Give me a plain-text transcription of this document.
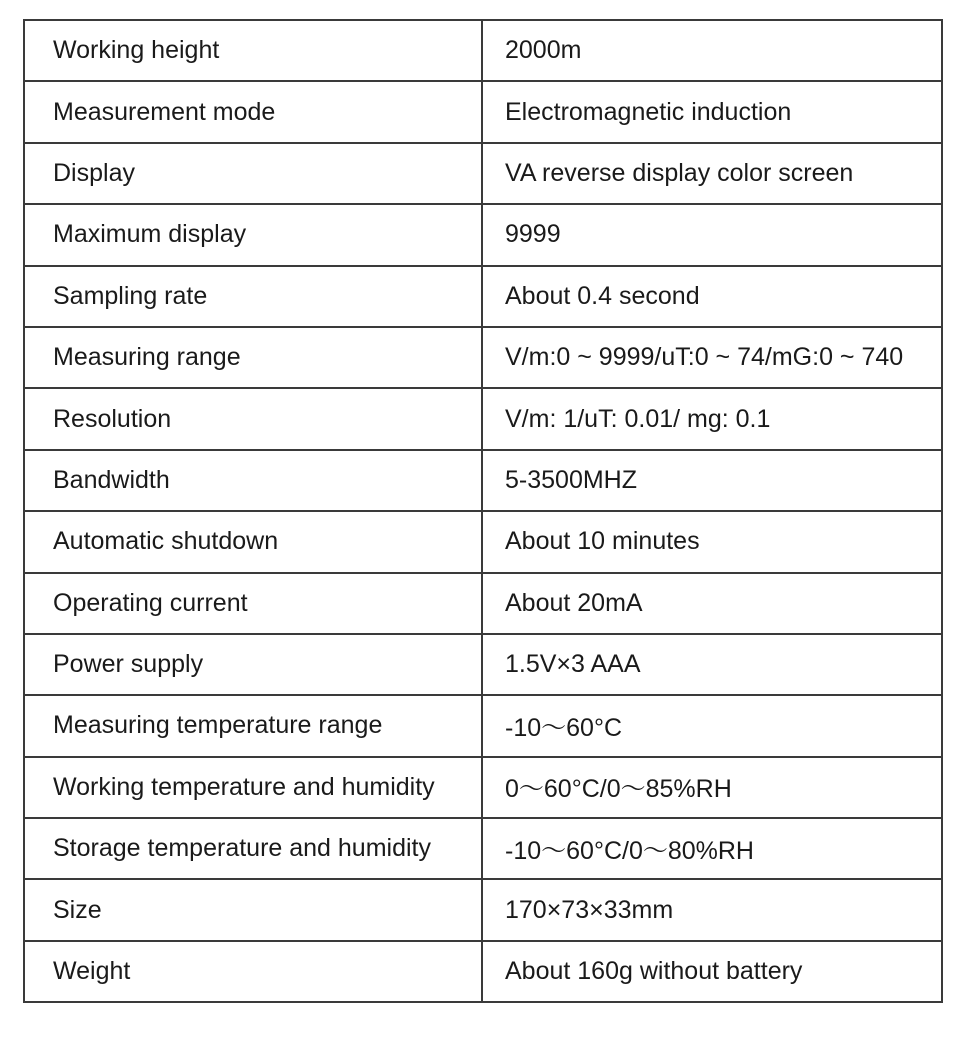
Working height	2000m
Measurement mode	Electromagnetic induction
Display	VA reverse display color screen
Maximum display	9999
Sampling rate	About 0.4 second
Measuring range	V/m:0 ~ 9999/uT:0 ~ 74/mG:0 ~ 740
Resolution	V/m: 1/uT: 0.01/ mg: 0.1
Bandwidth	5-3500MHZ
Automatic shutdown	About 10 minutes
Operating current	About 20mA
Power supply	1.5V×3 AAA
Measuring temperature range	-10～60°C
Working temperature and humidity	0～60°C/0～85%RH
Storage temperature and humidity	-10～60°C/0～80%RH
Size	170×73×33mm
Weight	About 160g without battery
